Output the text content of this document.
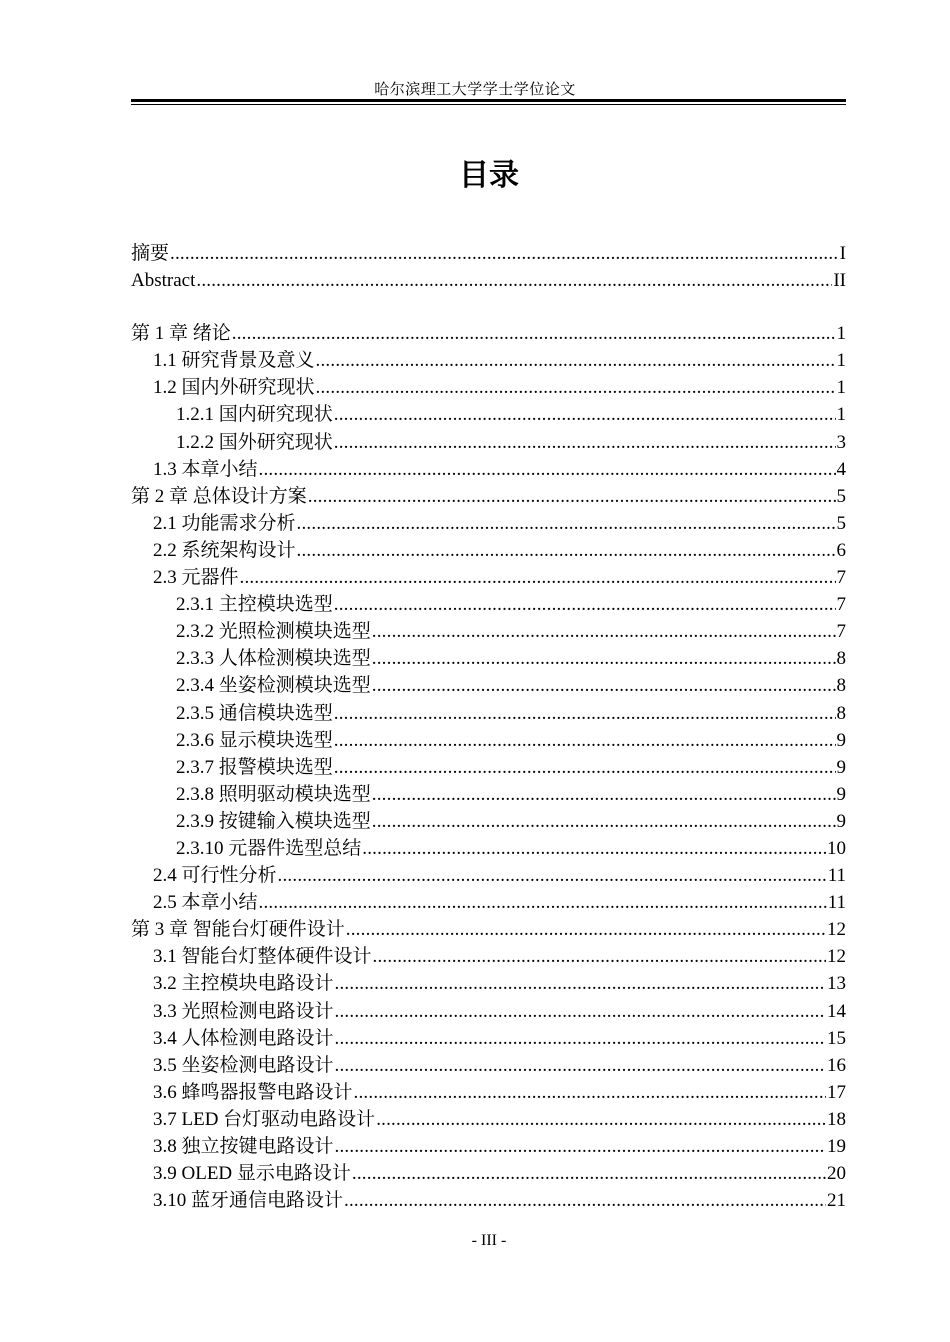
哈尔滨理工大学学士学位论文
目录
摘要 .....	I
Abstract .....	II
第 1 章 绪论 .....	1
1.1 研究背景及意义 .....	1
1.2 国内外研究现状 .....	1
1.2.1 国内研究现状 .....	1
1.2.2 国外研究现状 .....	3
1.3 本章小结 .....	4
第 2 章 总体设计方案 .....	5
2.1 功能需求分析 .....	5
2.2 系统架构设计 .....	6
2.3 元器件 .....	7
2.3.1 主控模块选型 .....	7
2.3.2 光照检测模块选型 .....	7
2.3.3 人体检测模块选型 .....	8
2.3.4 坐姿检测模块选型 .....	8
2.3.5 通信模块选型 .....	8
2.3.6 显示模块选型 .....	9
2.3.7 报警模块选型 .....	9
2.3.8 照明驱动模块选型 .....	9
2.3.9 按键输入模块选型 .....	9
2.3.10 元器件选型总结 .....	10
2.4 可行性分析 .....	11
2.5 本章小结 .....	11
第 3 章 智能台灯硬件设计 .....	12
3.1 智能台灯整体硬件设计 .....	12
3.2 主控模块电路设计 .....	13
3.3 光照检测电路设计 .....	14
3.4 人体检测电路设计 .....	15
3.5 坐姿检测电路设计 .....	16
3.6 蜂鸣器报警电路设计 .....	17
3.7 LED 台灯驱动电路设计 .....	18
3.8 独立按键电路设计 .....	19
3.9 OLED 显示电路设计 .....	20
3.10 蓝牙通信电路设计 .....	21
- III -
